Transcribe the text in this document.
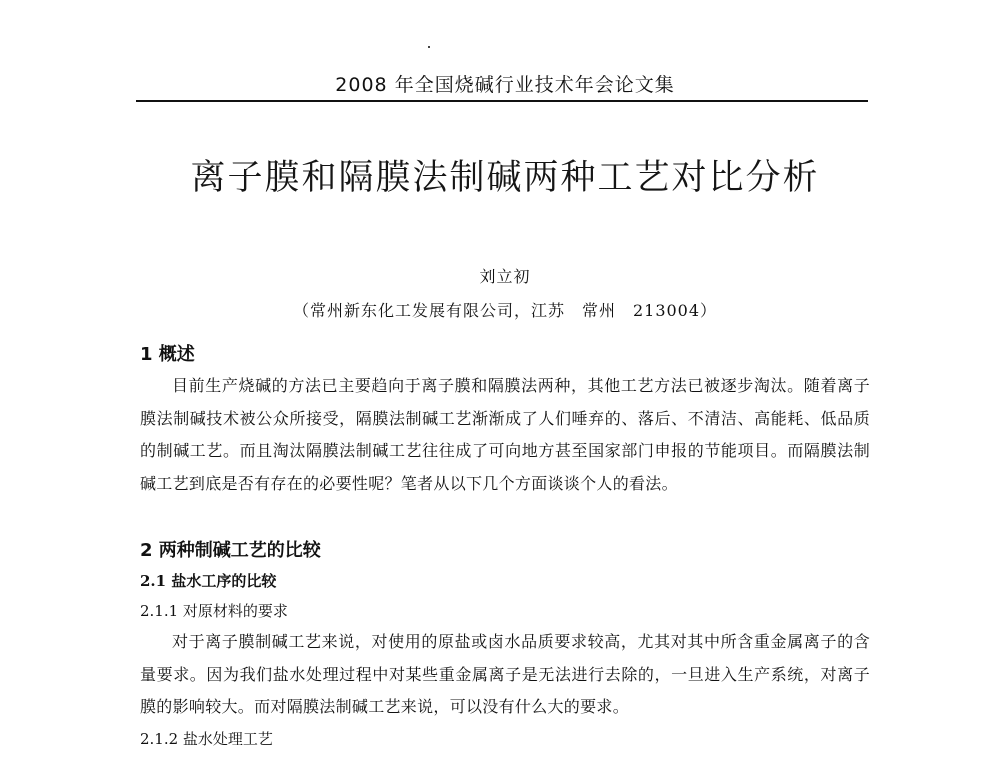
2008 年全国烧碱行业技术年会论文集
离子膜和隔膜法制碱两种工艺对比分析
刘立初
（常州新东化工发展有限公司，江苏　常州　213004）

1 概述

目前生产烧碱的方法已主要趋向于离子膜和隔膜法两种，其他工艺方法已被逐步淘汰。随着离子膜法制碱技术被公众所接受，隔膜法制碱工艺渐渐成了人们唾弃的、落后、不清洁、高能耗、低品质的制碱工艺。而且淘汰隔膜法制碱工艺往往成了可向地方甚至国家部门申报的节能项目。而隔膜法制碱工艺到底是否有存在的必要性呢？笔者从以下几个方面谈谈个人的看法。

2 两种制碱工艺的比较

2.1 盐水工序的比较

2.1.1 对原材料的要求

对于离子膜制碱工艺来说，对使用的原盐或卤水品质要求较高，尤其对其中所含重金属离子的含量要求。因为我们盐水处理过程中对某些重金属离子是无法进行去除的，一旦进入生产系统，对离子膜的影响较大。而对隔膜法制碱工艺来说，可以没有什么大的要求。

2.1.2 盐水处理工艺
